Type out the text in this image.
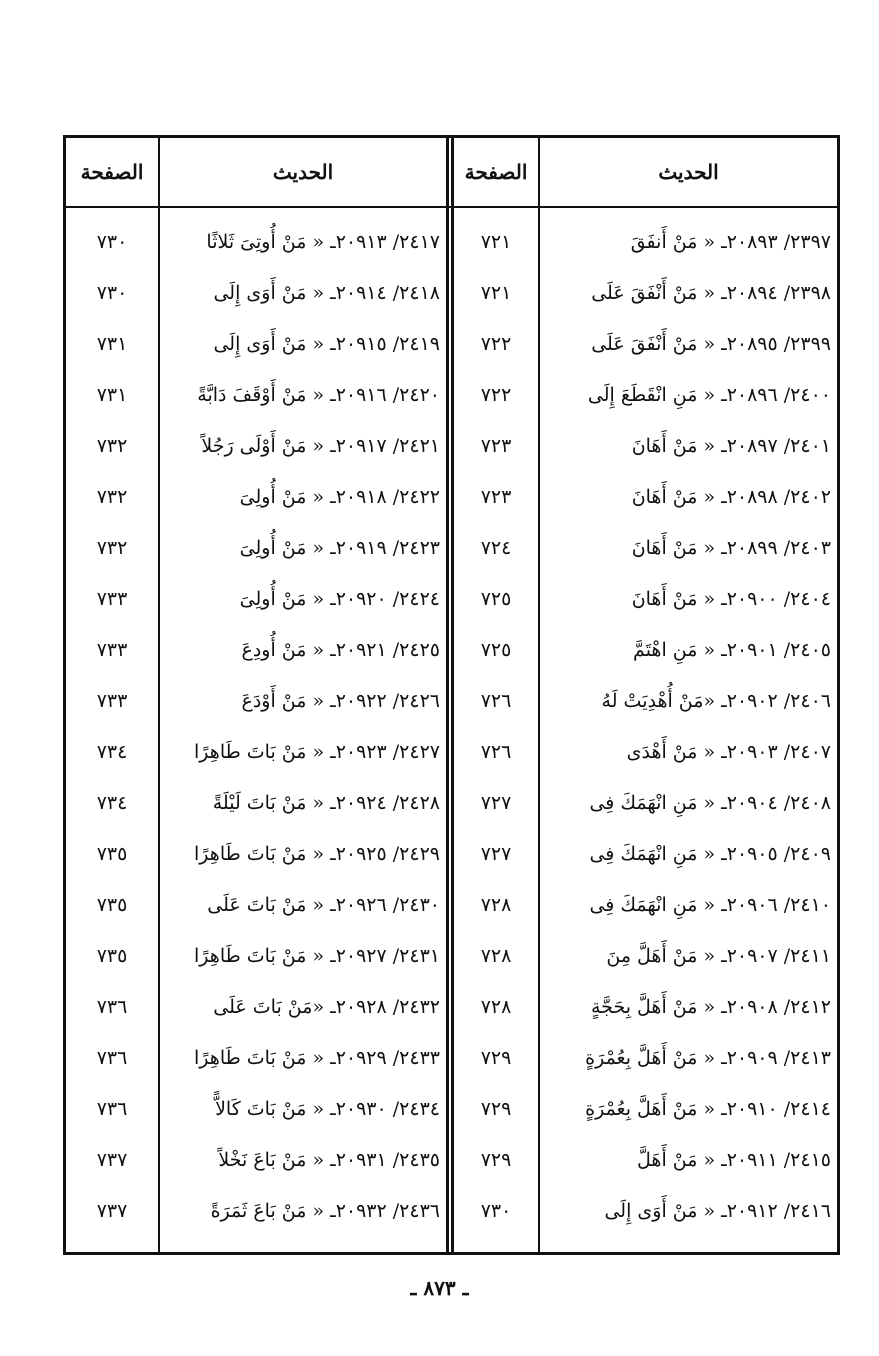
الصفحة	الحديث	الصفحة	الحديث
٧٣٠	٢٤١٧/ ٢٠٩١٣ـ « مَنْ أُوتِىَ ثَلاثًا	٧٢١	٢٣٩٧/ ٢٠٨٩٣ـ « مَنْ أَنفَقَ
٧٣٠	٢٤١٨/ ٢٠٩١٤ـ « مَنْ أَوَى إِلَى	٧٢١	٢٣٩٨/ ٢٠٨٩٤ـ « مَنْ أَنْفَقَ عَلَى
٧٣١	٢٤١٩/ ٢٠٩١٥ـ « مَنْ أَوَى إِلَى	٧٢٢	٢٣٩٩/ ٢٠٨٩٥ـ « مَنْ أَنْفَقَ عَلَى
٧٣١	٢٤٢٠/ ٢٠٩١٦ـ « مَنْ أَوْقَفَ دَابَّةً	٧٢٢	٢٤٠٠/ ٢٠٨٩٦ـ « مَنِ انْقَطَعَ إِلَى
٧٣٢	٢٤٢١/ ٢٠٩١٧ـ « مَنْ أَوْلَى رَجُلاً	٧٢٣	٢٤٠١/ ٢٠٨٩٧ـ « مَنْ أَهَانَ
٧٣٢	٢٤٢٢/ ٢٠٩١٨ـ « مَنْ أُولِىَ	٧٢٣	٢٤٠٢/ ٢٠٨٩٨ـ « مَنْ أَهَانَ
٧٣٢	٢٤٢٣/ ٢٠٩١٩ـ « مَنْ أُولِىَ	٧٢٤	٢٤٠٣/ ٢٠٨٩٩ـ « مَنْ أَهَانَ
٧٣٣	٢٤٢٤/ ٢٠٩٢٠ـ « مَنْ أُولِىَ	٧٢٥	٢٤٠٤/ ٢٠٩٠٠ـ « مَنْ أَهَانَ
٧٣٣	٢٤٢٥/ ٢٠٩٢١ـ « مَنْ أُودِعَ	٧٢٥	٢٤٠٥/ ٢٠٩٠١ـ « مَنِ اهْتَمَّ
٧٣٣	٢٤٢٦/ ٢٠٩٢٢ـ « مَنْ أَوْدَعَ	٧٢٦	٢٤٠٦/ ٢٠٩٠٢ـ «مَنْ أُهْدِيَتْ لَهُ
٧٣٤	٢٤٢٧/ ٢٠٩٢٣ـ « مَنْ بَاتَ طَاهِرًا	٧٢٦	٢٤٠٧/ ٢٠٩٠٣ـ « مَنْ أَهْدَى
٧٣٤	٢٤٢٨/ ٢٠٩٢٤ـ « مَنْ بَاتَ لَيْلَةً	٧٢٧	٢٤٠٨/ ٢٠٩٠٤ـ « مَنِ انْهَمَكَ فِى
٧٣٥	٢٤٢٩/ ٢٠٩٢٥ـ « مَنْ بَاتَ طَاهِرًا	٧٢٧	٢٤٠٩/ ٢٠٩٠٥ـ « مَنِ انْهَمَكَ فِى
٧٣٥	٢٤٣٠/ ٢٠٩٢٦ـ « مَنْ بَاتَ عَلَى	٧٢٨	٢٤١٠/ ٢٠٩٠٦ـ « مَنِ انْهَمَكَ فِى
٧٣٥	٢٤٣١/ ٢٠٩٢٧ـ « مَنْ بَاتَ طَاهِرًا	٧٢٨	٢٤١١/ ٢٠٩٠٧ـ « مَنْ أَهَلَّ مِنَ
٧٣٦	٢٤٣٢/ ٢٠٩٢٨ـ «مَنْ بَاتَ عَلَى	٧٢٨	٢٤١٢/ ٢٠٩٠٨ـ « مَنْ أَهَلَّ بِحَجَّةٍ
٧٣٦	٢٤٣٣/ ٢٠٩٢٩ـ « مَنْ بَاتَ طَاهِرًا	٧٢٩	٢٤١٣/ ٢٠٩٠٩ـ « مَنْ أَهَلَّ بِعُمْرَةٍ
٧٣٦	٢٤٣٤/ ٢٠٩٣٠ـ « مَنْ بَاتَ كَالاًّ	٧٢٩	٢٤١٤/ ٢٠٩١٠ـ « مَنْ أَهَلَّ بِعُمْرَةٍ
٧٣٧	٢٤٣٥/ ٢٠٩٣١ـ « مَنْ بَاعَ نَخْلاً	٧٢٩	٢٤١٥/ ٢٠٩١١ـ « مَنْ أَهَلَّ
٧٣٧	٢٤٣٦/ ٢٠٩٣٢ـ « مَنْ بَاعَ ثَمَرَةً	٧٣٠	٢٤١٦/ ٢٠٩١٢ـ « مَنْ أَوَى إِلَى
ـ ٨٧٣ ـ
